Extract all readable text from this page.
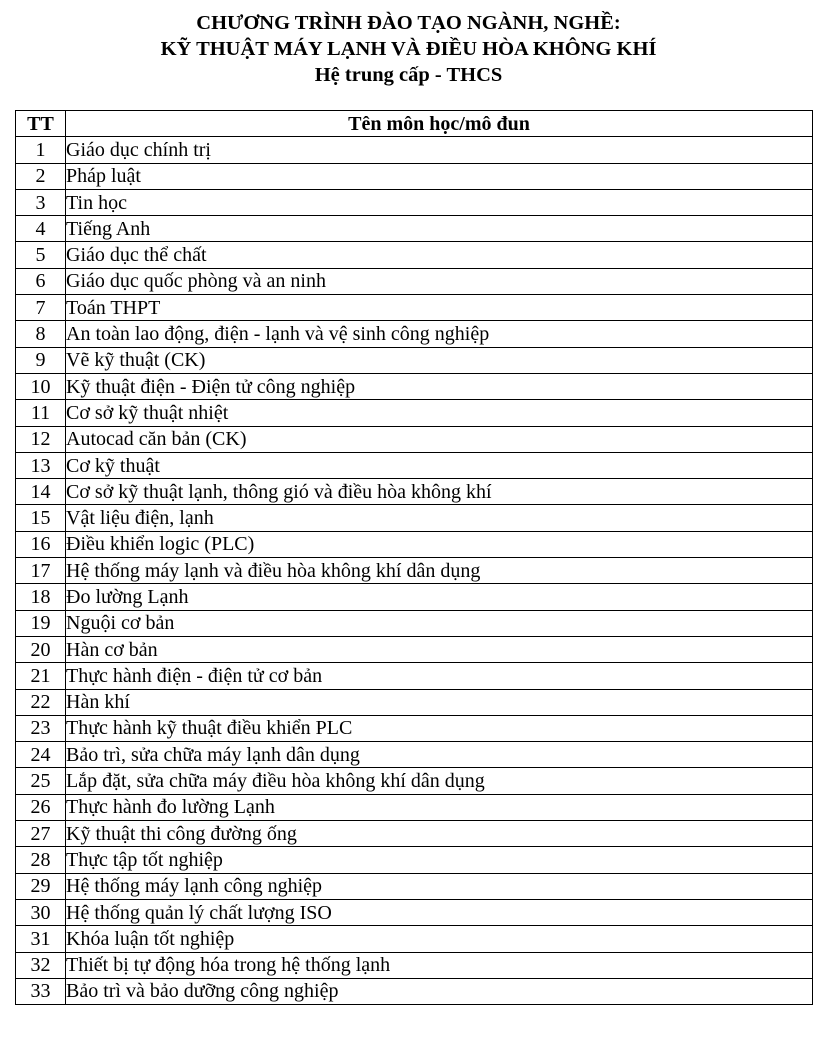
CHƯƠNG TRÌNH ĐÀO TẠO NGÀNH, NGHỀ:
KỸ THUẬT MÁY LẠNH VÀ ĐIỀU HÒA KHÔNG KHÍ
Hệ trung cấp - THCS
TT	Tên môn học/mô đun
1	Giáo dục chính trị
2	Pháp luật
3	Tin học
4	Tiếng Anh
5	Giáo dục thể chất
6	Giáo dục quốc phòng và an ninh
7	Toán THPT
8	An toàn lao động, điện - lạnh và vệ sinh công nghiệp
9	Vẽ kỹ thuật (CK)
10	Kỹ thuật điện - Điện tử công nghiệp
11	Cơ sở kỹ thuật nhiệt
12	Autocad căn bản (CK)
13	Cơ kỹ thuật
14	Cơ sở kỹ thuật lạnh, thông gió và điều hòa không khí
15	Vật liệu điện, lạnh
16	Điều khiển logic (PLC)
17	Hệ thống máy lạnh và điều hòa không khí dân dụng
18	Đo lường Lạnh
19	Nguội cơ bản
20	Hàn cơ bản
21	Thực hành điện - điện tử cơ bản
22	Hàn khí
23	Thực hành kỹ thuật điều khiển PLC
24	Bảo trì, sửa chữa máy lạnh dân dụng
25	Lắp đặt, sửa chữa máy điều hòa không khí dân dụng
26	Thực hành đo lường Lạnh
27	Kỹ thuật thi công đường ống
28	Thực tập tốt nghiệp
29	Hệ thống máy lạnh công nghiệp
30	Hệ thống quản lý chất lượng ISO
31	Khóa luận tốt nghiệp
32	Thiết bị tự động hóa trong hệ thống lạnh
33	Bảo trì và bảo dưỡng công nghiệp
